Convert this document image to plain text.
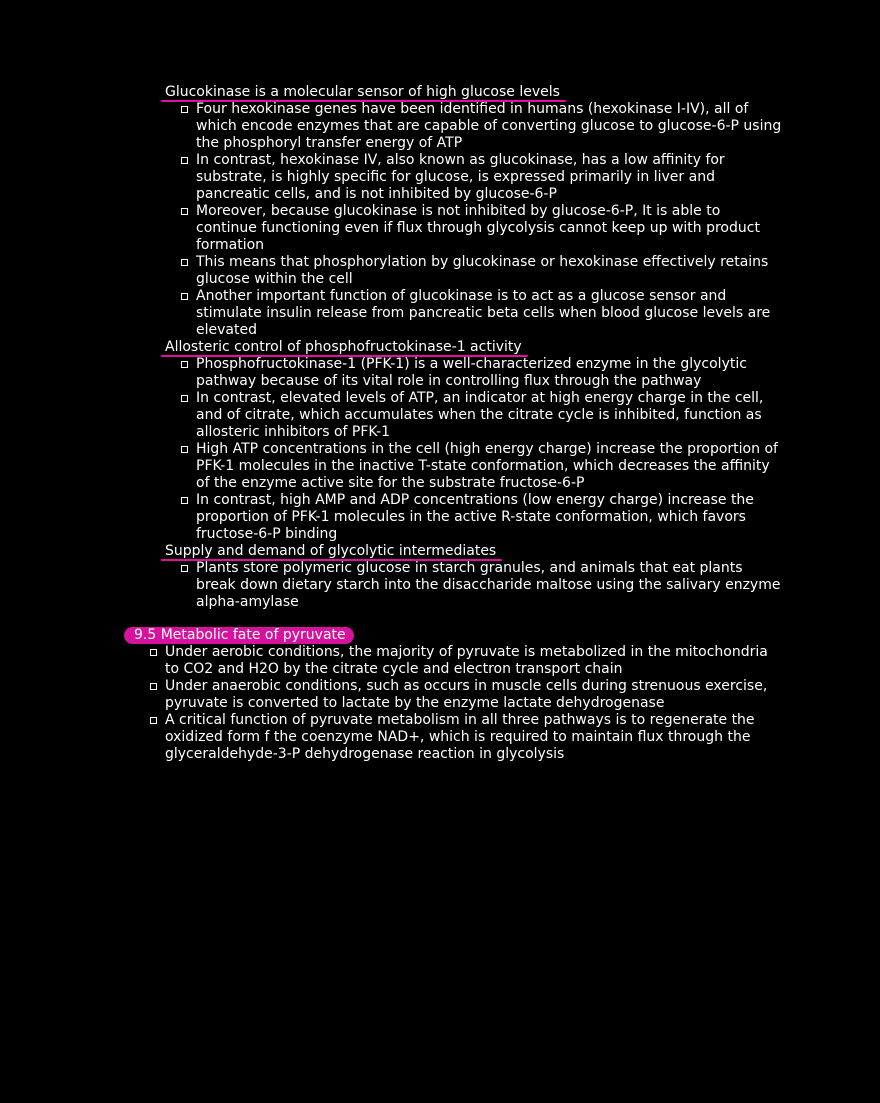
Glucokinase is a molecular sensor of high glucose levels
Four hexokinase genes have been identified in humans (hexokinase I-IV), all of which encode enzymes that are capable of converting glucose to glucose-6-P using the phosphoryl transfer energy of ATP
In contrast, hexokinase IV, also known as glucokinase, has a low affinity for substrate, is highly specific for glucose, is expressed primarily in liver and pancreatic cells, and is not inhibited by glucose-6-P
Moreover, because glucokinase is not inhibited by glucose-6-P, It is able to continue functioning even if flux through glycolysis cannot keep up with product formation
This means that phosphorylation by glucokinase or hexokinase effectively retains glucose within the cell
Another important function of glucokinase is to act as a glucose sensor and stimulate insulin release from pancreatic beta cells when blood glucose levels are elevated
Allosteric control of phosphofructokinase-1 activity
Phosphofructokinase-1 (PFK-1) is a well-characterized enzyme in the glycolytic pathway because of its vital role in controlling flux through the pathway
In contrast, elevated levels of ATP, an indicator at high energy charge in the cell, and of citrate, which accumulates when the citrate cycle is inhibited, function as allosteric inhibitors of PFK-1
High ATP concentrations in the cell (high energy charge) increase the proportion of PFK-1 molecules in the inactive T-state conformation, which decreases the affinity of the enzyme active site for the substrate fructose-6-P
In contrast, high AMP and ADP concentrations (low energy charge) increase the proportion of PFK-1 molecules in the active R-state conformation, which favors fructose-6-P binding
Supply and demand of glycolytic intermediates
Plants store polymeric glucose in starch granules, and animals that eat plants break down dietary starch into the disaccharide maltose using the salivary enzyme alpha-amylase
9.5 Metabolic fate of pyruvate
Under aerobic conditions, the majority of pyruvate is metabolized in the mitochondria to CO2 and H2O by the citrate cycle and electron transport chain
Under anaerobic conditions, such as occurs in muscle cells during strenuous exercise, pyruvate is converted to lactate by the enzyme lactate dehydrogenase
A critical function of pyruvate metabolism in all three pathways is to regenerate the oxidized form f the coenzyme NAD+, which is required to maintain flux through the glyceraldehyde-3-P dehydrogenase reaction in glycolysis
